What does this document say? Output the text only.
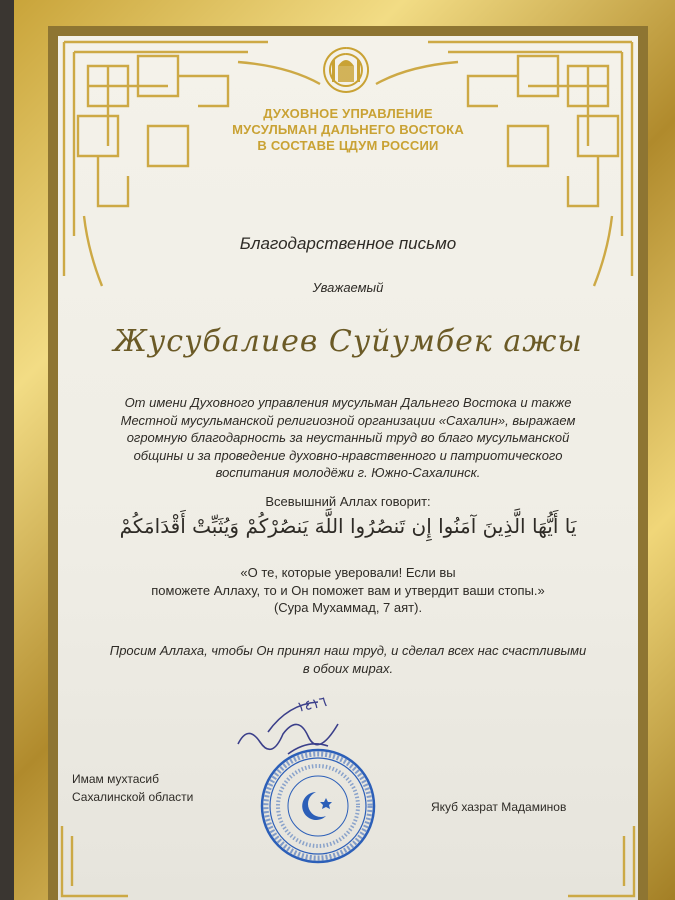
ДУХОВНОЕ УПРАВЛЕНИЕ
МУСУЛЬМАН ДАЛЬНЕГО ВОСТОКА
В СОСТАВЕ ЦДУМ РОССИИ
Благодарственное письмо
Уважаемый
Жусубалиев Суйумбек ажы
От имени Духовного управления мусульман Дальнего Востока и также
Местной мусульманской религиозной организации «Сахалин», выражаем
огромную благодарность за неустанный труд во благо мусульманской
общины и за проведение духовно-нравственного и патриотического
воспитания молодёжи г. Южно-Сахалинск.
Всевышний Аллах говорит:
يَا أَيُّهَا الَّذِينَ آمَنُوا إِن تَنصُرُوا اللَّهَ يَنصُرْكُمْ وَيُثَبِّتْ أَقْدَامَكُمْ
«О те, которые уверовали! Если вы
поможете Аллаху, то и Он поможет вам и утвердит ваши стопы.»
(Сура Мухаммад, 7 аят).
Просим Аллаха, чтобы Он принял наш труд, и сделал всех нас счастливыми
в обоих мирах.
١٤١٦
Имам мухтасиб
Сахалинской области
Якуб хазрат Мадаминов
